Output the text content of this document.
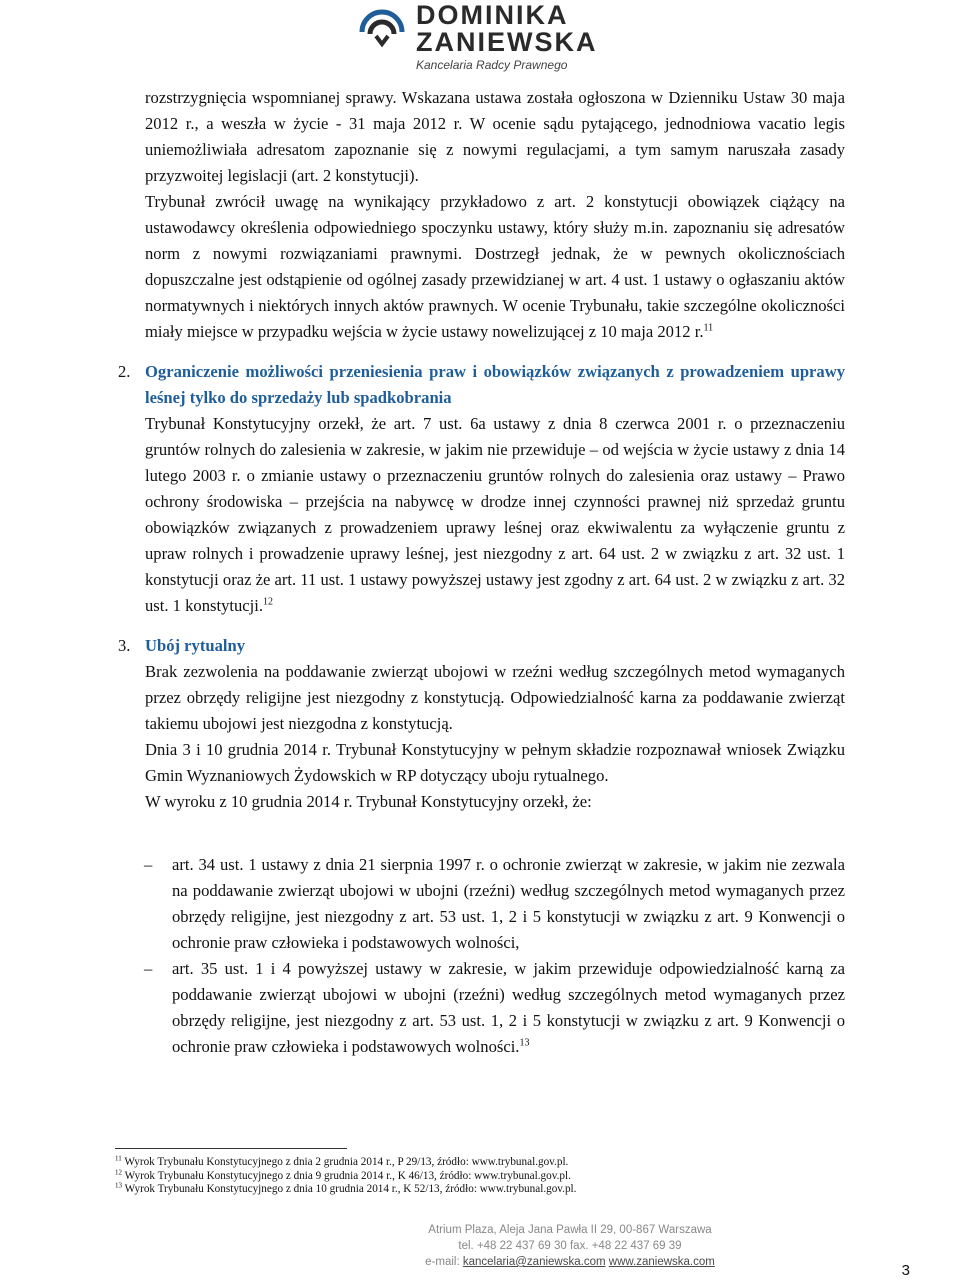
DOMINIKA
ZANIEWSKA
Kancelaria Radcy Prawnego

rozstrzygnięcia wspomnianej sprawy. Wskazana ustawa została ogłoszona w Dzienniku Ustaw 30 maja 2012 r., a weszła w życie - 31 maja 2012 r. W ocenie sądu pytającego, jednodniowa vacatio legis uniemożliwiała adresatom zapoznanie się z nowymi regulacjami, a tym samym naruszała zasady przyzwoitej legislacji (art. 2 konstytucji).

Trybunał zwrócił uwagę na wynikający przykładowo z art. 2 konstytucji obowiązek ciążący na ustawodawcy określenia odpowiedniego spoczynku ustawy, który służy m.in. zapoznaniu się adresatów norm z nowymi rozwiązaniami prawnymi. Dostrzegł jednak, że w pewnych okolicznościach dopuszczalne jest odstąpienie od ogólnej zasady przewidzianej w art. 4 ust. 1 ustawy o ogłaszaniu aktów normatywnych i niektórych innych aktów prawnych. W ocenie Trybunału, takie szczególne okoliczności miały miejsce w przypadku wejścia w życie ustawy nowelizującej z 10 maja 2012 r.$^{11}$

2. Ograniczenie możliwości przeniesienia praw i obowiązków związanych z prowadzeniem uprawy leśnej tylko do sprzedaży lub spadkobrania

Trybunał Konstytucyjny orzekł, że art. 7 ust. 6a ustawy z dnia 8 czerwca 2001 r. o przeznaczeniu gruntów rolnych do zalesienia w zakresie, w jakim nie przewiduje – od wejścia w życie ustawy z dnia 14 lutego 2003 r. o zmianie ustawy o przeznaczeniu gruntów rolnych do zalesienia oraz ustawy – Prawo ochrony środowiska – przejścia na nabywcę w drodze innej czynności prawnej niż sprzedaż gruntu obowiązków związanych z prowadzeniem uprawy leśnej oraz ekwiwalentu za wyłączenie gruntu z upraw rolnych i prowadzenie uprawy leśnej, jest niezgodny z art. 64 ust. 2 w związku z art. 32 ust. 1 konstytucji oraz że art. 11 ust. 1 ustawy powyższej ustawy jest zgodny z art. 64 ust. 2 w związku z art. 32 ust. 1 konstytucji.$^{12}$

3. Ubój rytualny

Brak zezwolenia na poddawanie zwierząt ubojowi w rzeźni według szczególnych metod wymaganych przez obrzędy religijne jest niezgodny z konstytucją. Odpowiedzialność karna za poddawanie zwierząt takiemu ubojowi jest niezgodna z konstytucją.

Dnia 3 i 10 grudnia 2014 r. Trybunał Konstytucyjny w pełnym składzie rozpoznawał wniosek Związku Gmin Wyznaniowych Żydowskich w RP dotyczący uboju rytualnego.

W wyroku z 10 grudnia 2014 r. Trybunał Konstytucyjny orzekł, że:

– art. 34 ust. 1 ustawy z dnia 21 sierpnia 1997 r. o ochronie zwierząt w zakresie, w jakim nie zezwala na poddawanie zwierząt ubojowi w ubojni (rzeźni) według szczególnych metod wymaganych przez obrzędy religijne, jest niezgodny z art. 53 ust. 1, 2 i 5 konstytucji w związku z art. 9 Konwencji o ochronie praw człowieka i podstawowych wolności,

– art. 35 ust. 1 i 4 powyższej ustawy w zakresie, w jakim przewiduje odpowiedzialność karną za poddawanie zwierząt ubojowi w ubojni (rzeźni) według szczególnych metod wymaganych przez obrzędy religijne, jest niezgodny z art. 53 ust. 1, 2 i 5 konstytucji w związku z art. 9 Konwencji o ochronie praw człowieka i podstawowych wolności.$^{13}$

$^{11}$ Wyrok Trybunału Konstytucyjnego z dnia 2 grudnia 2014 r., P 29/13, źródło: www.trybunal.gov.pl.
$^{12}$ Wyrok Trybunału Konstytucyjnego z dnia 9 grudnia 2014 r., K 46/13, źródło: www.trybunal.gov.pl.
$^{13}$ Wyrok Trybunału Konstytucyjnego z dnia 10 grudnia 2014 r., K 52/13, źródło: www.trybunal.gov.pl.
Atrium Plaza, Aleja Jana Pawła II 29, 00-867 Warszawa
tel. +48 22 437 69 30 fax. +48 22 437 69 39
e-mail: kancelaria@zaniewska.com www.zaniewska.com	3
